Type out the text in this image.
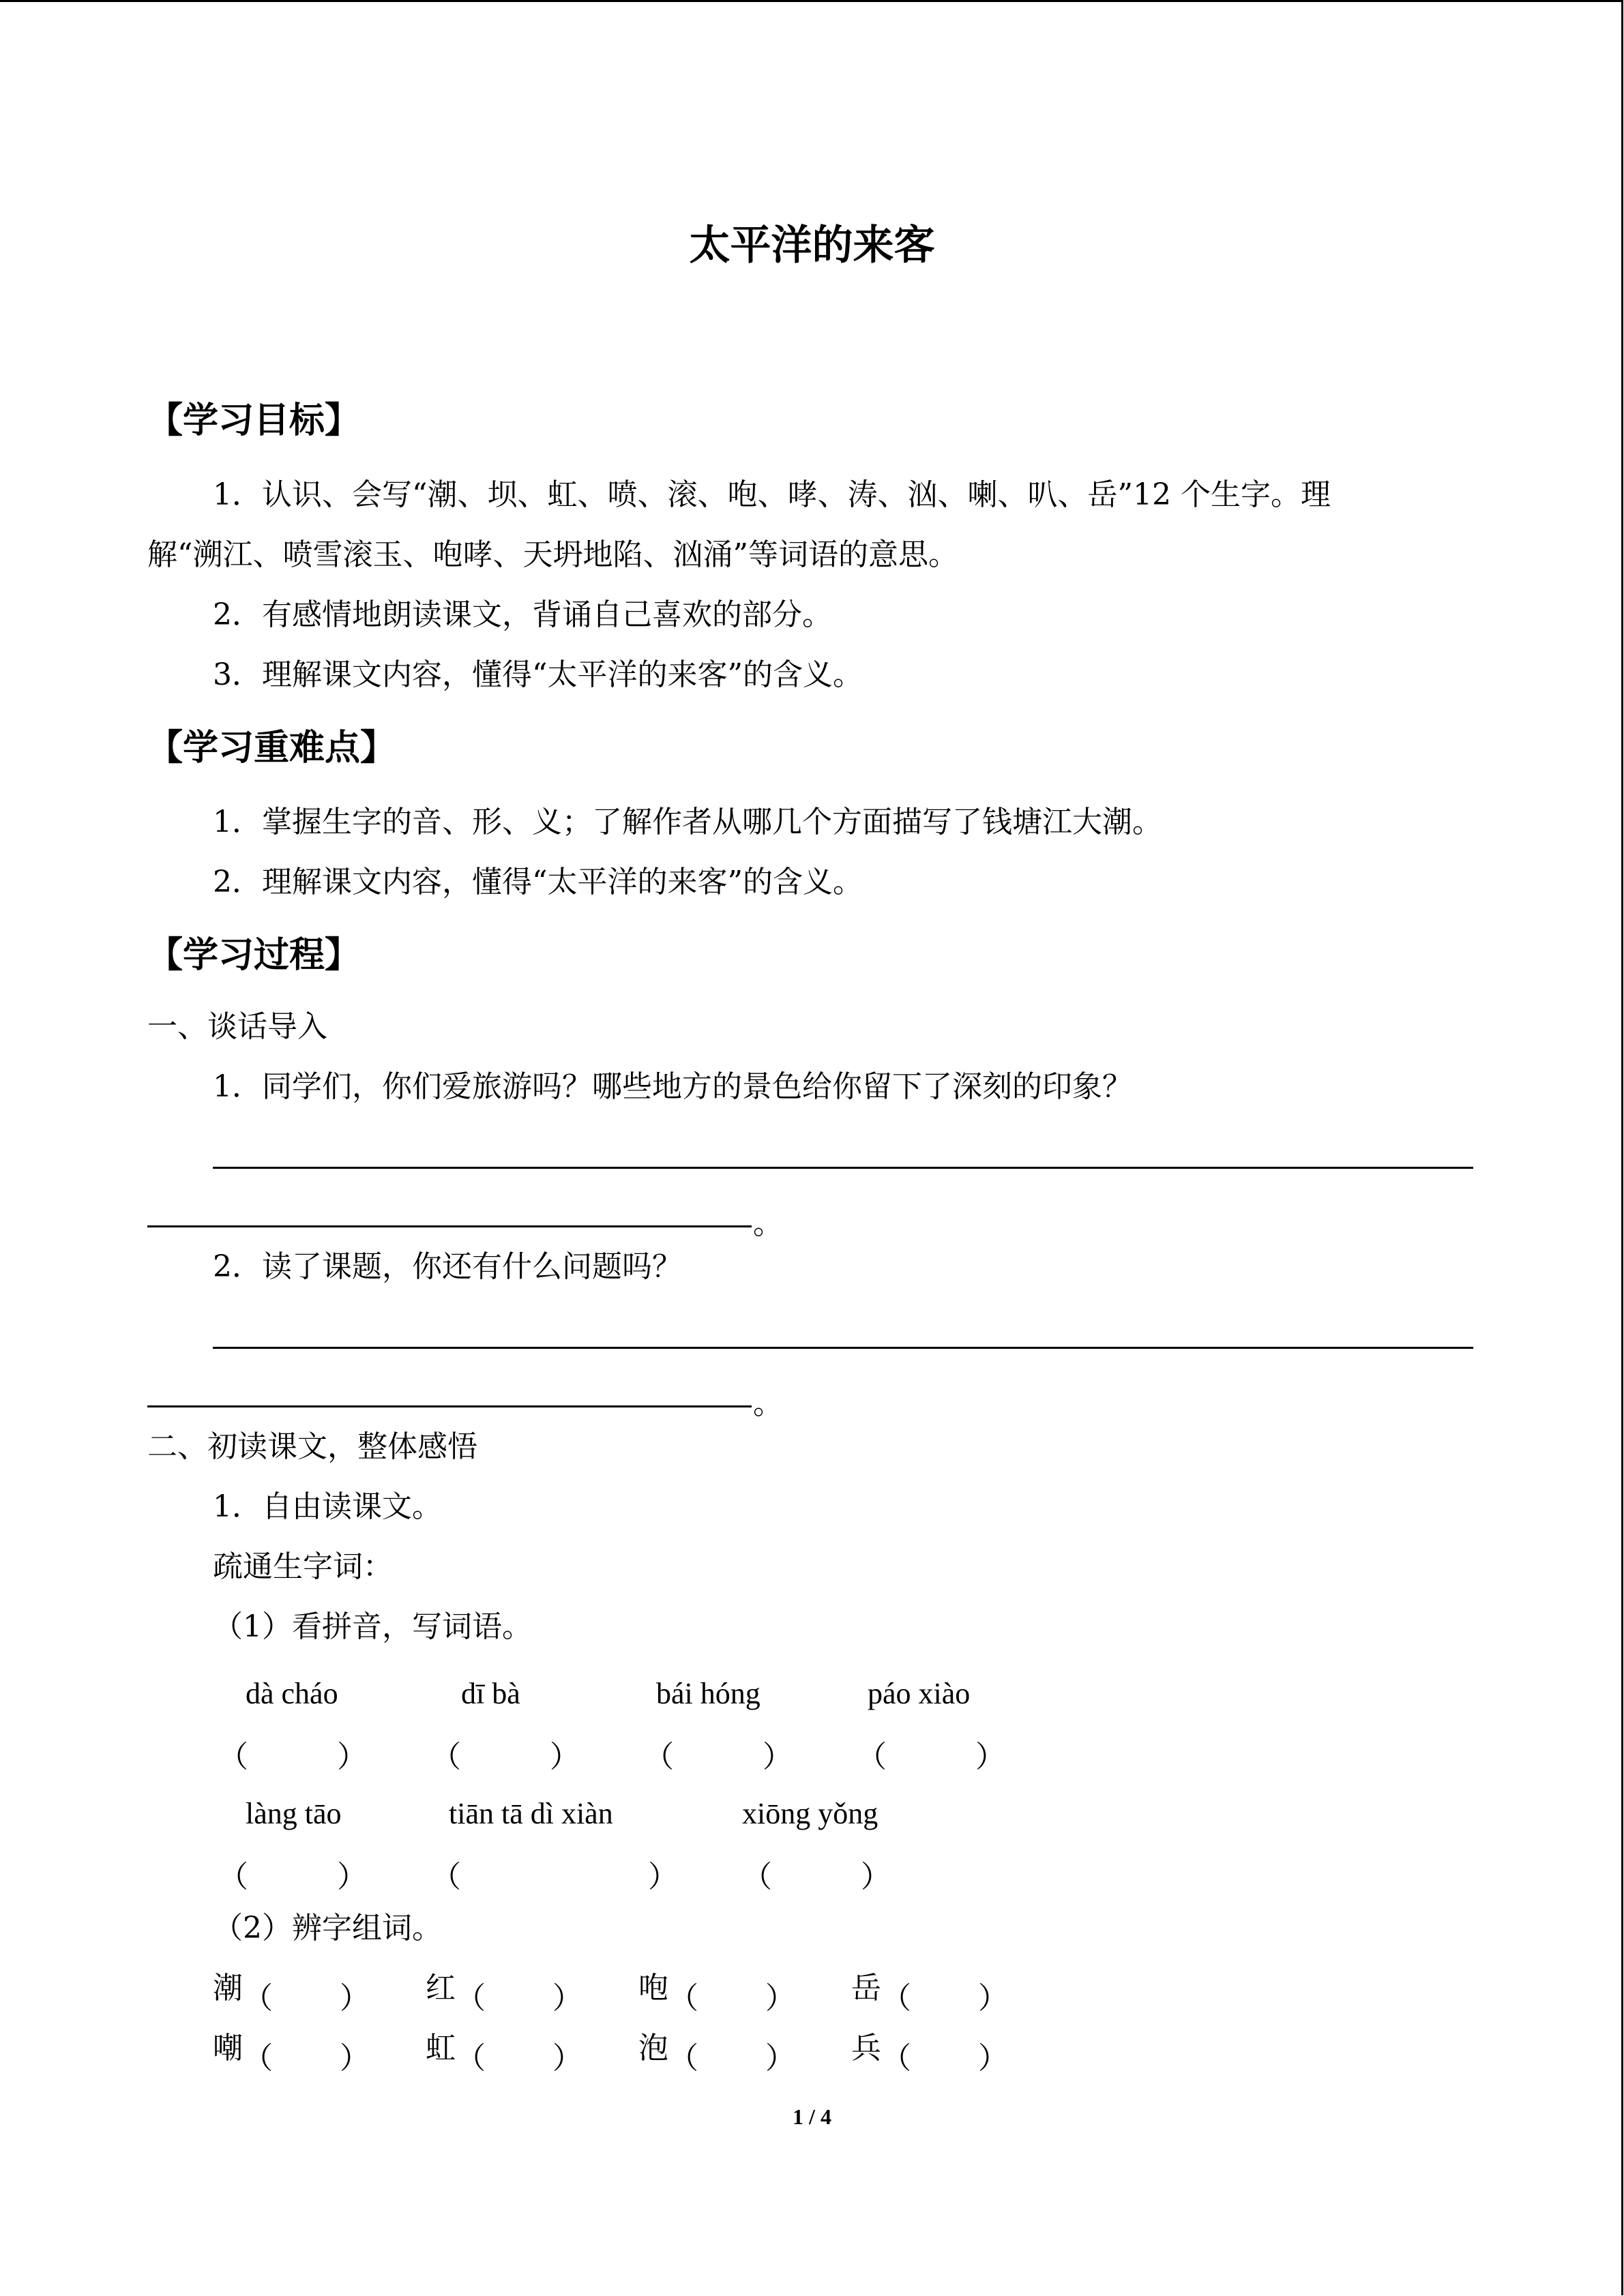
太平洋的来客
【学习目标】
1．认识、会写“潮、坝、虹、喷、滚、咆、哮、涛、汹、喇、叭、岳”12 个生字。理
解“溯江、喷雪滚玉、咆哮、天坍地陷、汹涌”等词语的意思。
2．有感情地朗读课文，背诵自己喜欢的部分。
3．理解课文内容，懂得“太平洋的来客”的含义。
【学习重难点】
1．掌握生字的音、形、义；了解作者从哪几个方面描写了钱塘江大潮。
2．理解课文内容，懂得“太平洋的来客”的含义。
【学习过程】
一、谈话导入
1．同学们，你们爱旅游吗？哪些地方的景色给你留下了深刻的印象？
。
2．读了课题，你还有什么问题吗？
。
二、初读课文，整体感悟
1．自由读课文。
疏通生字词：
（1）看拼音，写词语。
dà cháo	dī bà	bái hóng	páo xiào
（	） （	） （	） （	）
làng tāo	tiān tā dì xiàn	xiōng yǒng
（	） （	） （	）
（2）辨字组词。
潮 （ ） 红 （ ） 咆 （ ） 岳 （ ）
嘲 （ ） 虹 （ ） 泡 （ ） 兵 （ ）
1 / 4
